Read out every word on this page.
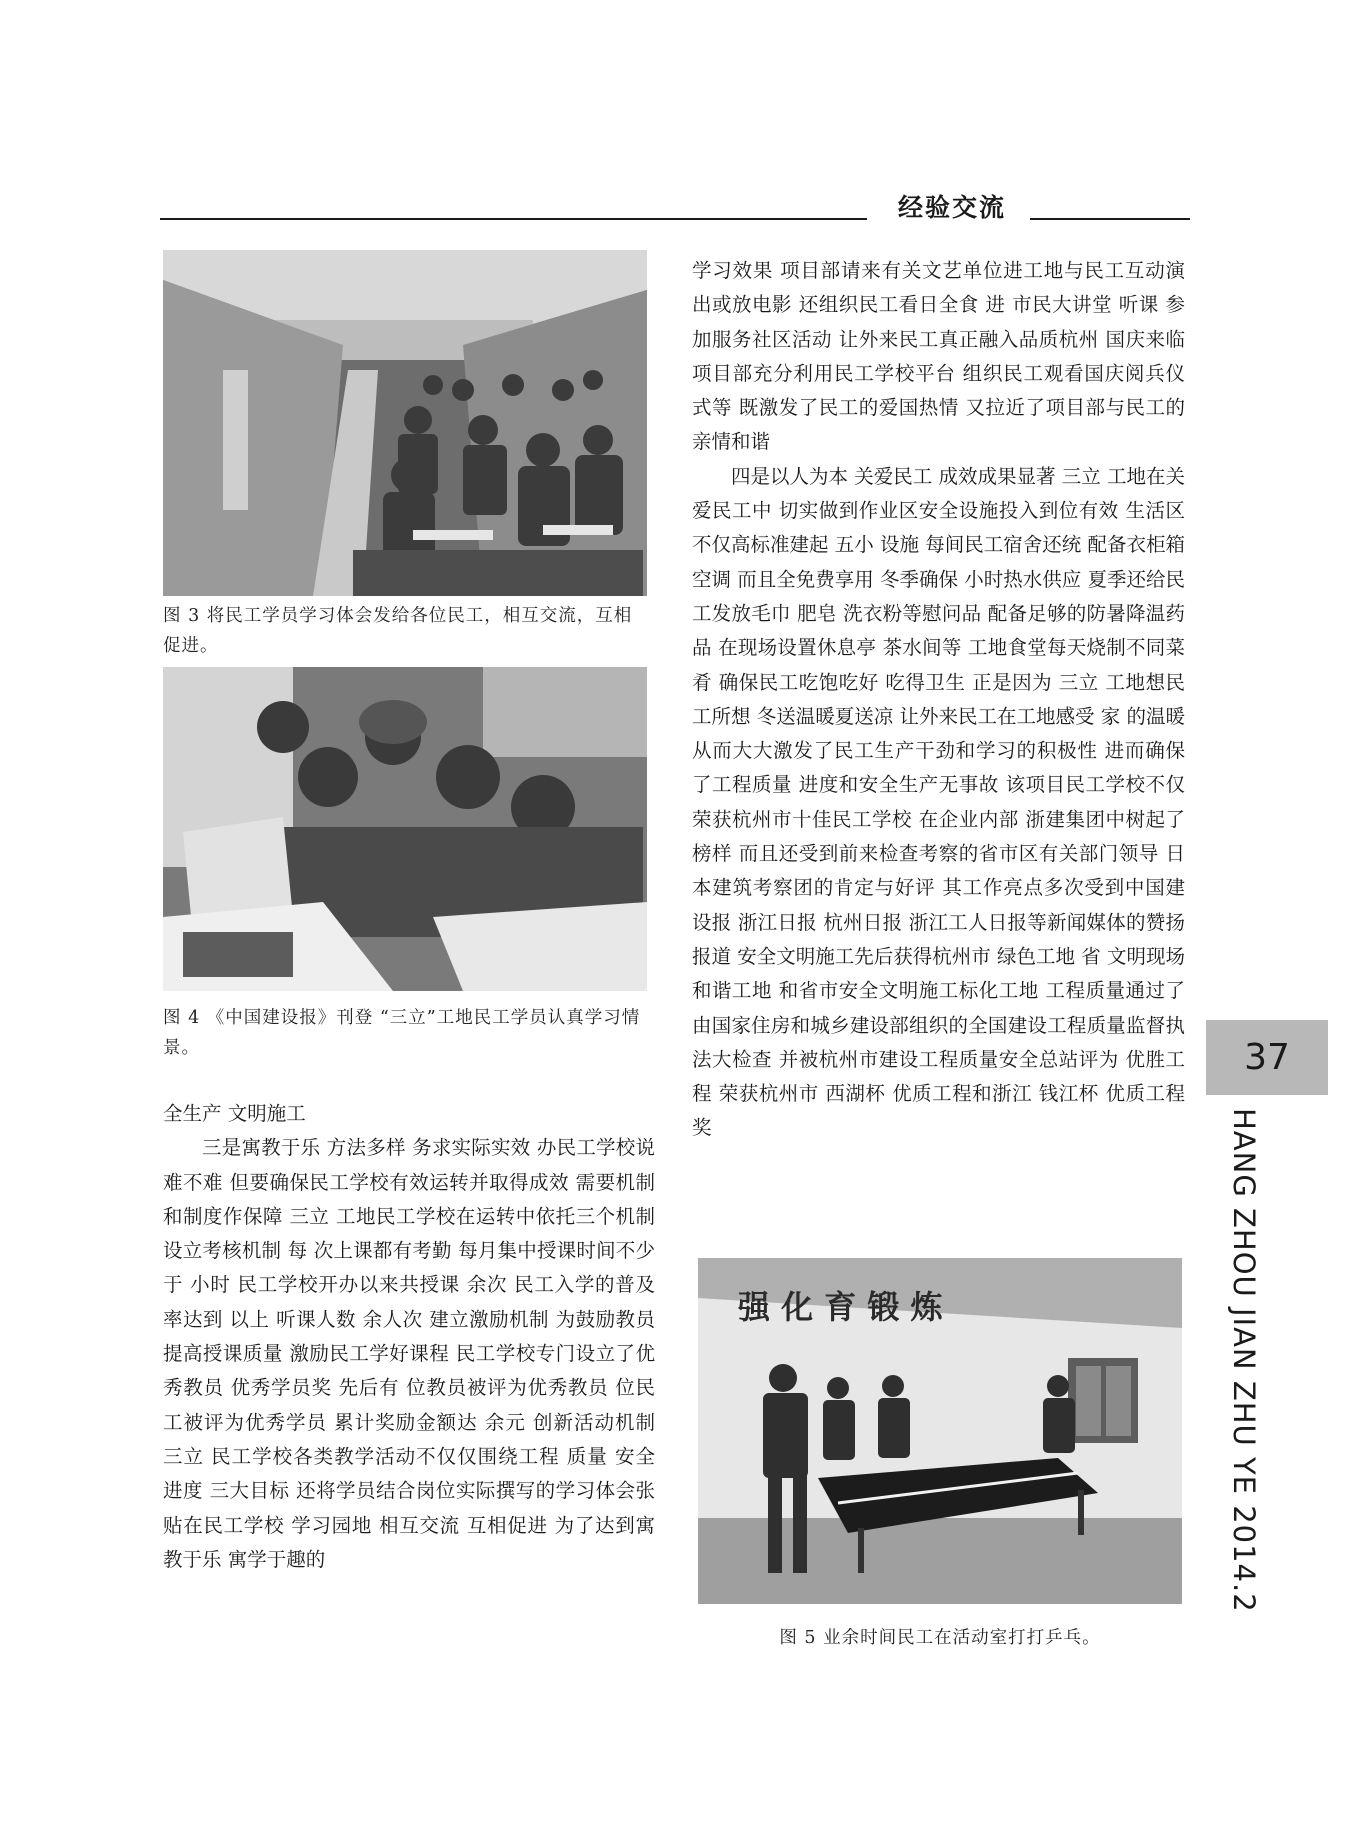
经验交流
图 3 将民工学员学习体会发给各位民工，相互交流，互相促进。
图 4 《中国建设报》刊登 “三立”工地民工学员认真学习情景。

全生产 文明施工

三是寓教于乐 方法多样 务求实际实效 办民工学校说难不难 但要确保民工学校有效运转并取得成效 需要机制和制度作保障 三立 工地民工学校在运转中依托三个机制 设立考核机制 每 次上课都有考勤 每月集中授课时间不少于 小时 民工学校开办以来共授课 余次 民工入学的普及率达到 以上 听课人数 余人次 建立激励机制 为鼓励教员提高授课质量 激励民工学好课程 民工学校专门设立了优秀教员 优秀学员奖 先后有 位教员被评为优秀教员 位民工被评为优秀学员 累计奖励金额达 余元 创新活动机制 三立 民工学校各类教学活动不仅仅围绕工程 质量 安全 进度 三大目标 还将学员结合岗位实际撰写的学习体会张贴在民工学校 学习园地 相互交流 互相促进 为了达到寓教于乐 寓学于趣的

学习效果 项目部请来有关文艺单位进工地与民工互动演出或放电影 还组织民工看日全食 进 市民大讲堂 听课 参加服务社区活动 让外来民工真正融入品质杭州 国庆来临 项目部充分利用民工学校平台 组织民工观看国庆阅兵仪式等 既激发了民工的爱国热情 又拉近了项目部与民工的亲情和谐

四是以人为本 关爱民工 成效成果显著 三立 工地在关爱民工中 切实做到作业区安全设施投入到位有效 生活区不仅高标准建起 五小 设施 每间民工宿舍还统 配备衣柜箱 空调 而且全免费享用 冬季确保 小时热水供应 夏季还给民工发放毛巾 肥皂 洗衣粉等慰问品 配备足够的防暑降温药品 在现场设置休息亭 茶水间等 工地食堂每天烧制不同菜肴 确保民工吃饱吃好 吃得卫生 正是因为 三立 工地想民工所想 冬送温暖夏送凉 让外来民工在工地感受 家 的温暖 从而大大激发了民工生产干劲和学习的积极性 进而确保了工程质量 进度和安全生产无事故 该项目民工学校不仅荣获杭州市十佳民工学校 在企业内部 浙建集团中树起了榜样 而且还受到前来检查考察的省市区有关部门领导 日本建筑考察团的肯定与好评 其工作亮点多次受到中国建设报 浙江日报 杭州日报 浙江工人日报等新闻媒体的赞扬报道 安全文明施工先后获得杭州市 绿色工地 省 文明现场 和谐工地 和省市安全文明施工标化工地 工程质量通过了由国家住房和城乡建设部组织的全国建设工程质量监督执法大检查 并被杭州市建设工程质量安全总站评为 优胜工程 荣获杭州市 西湖杯 优质工程和浙江 钱江杯 优质工程奖

强 化 育 锻 炼
图 5 业余时间民工在活动室打打乒乓。
37
HANG ZHOU JIAN ZHU YE 2014.2
